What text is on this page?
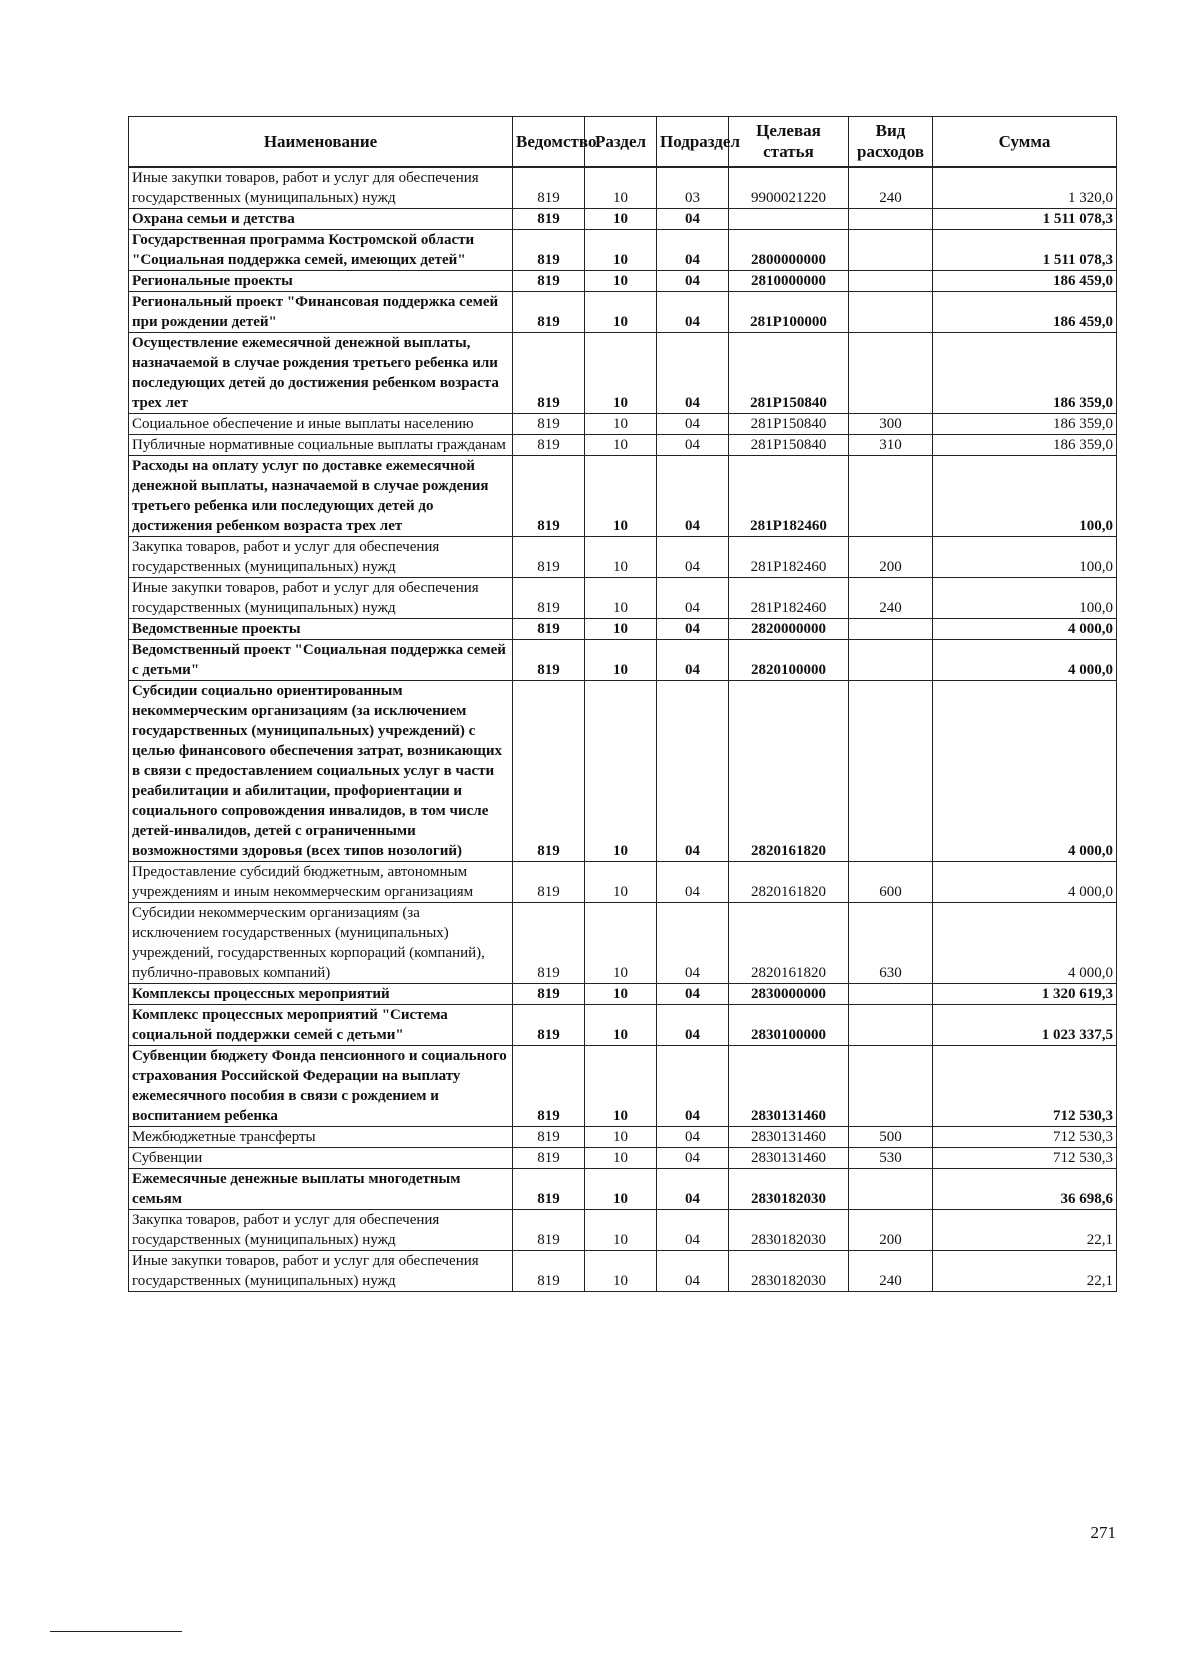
Наименование	Ведомство	Раздел	Подраздел	Целевая статья	Вид расходов	Сумма
Иные закупки товаров, работ и услуг для обеспечения государственных (муниципальных) нужд	819	10	03	9900021220	240	1 320,0
Охрана семьи и детства	819	10	04			1 511 078,3
Государственная программа Костромской области "Социальная поддержка семей, имеющих детей"	819	10	04	2800000000		1 511 078,3
Региональные проекты	819	10	04	2810000000		186 459,0
Региональный проект "Финансовая поддержка семей при рождении детей"	819	10	04	281Р100000		186 459,0
Осуществление ежемесячной денежной выплаты, назначаемой в случае рождения третьего ребенка или последующих детей до достижения ребенком возраста трех лет	819	10	04	281Р150840		186 359,0
Социальное обеспечение и иные выплаты населению	819	10	04	281Р150840	300	186 359,0
Публичные нормативные социальные выплаты гражданам	819	10	04	281Р150840	310	186 359,0
Расходы на оплату услуг по доставке ежемесячной денежной выплаты, назначаемой в случае рождения третьего ребенка или последующих детей до достижения ребенком возраста трех лет	819	10	04	281Р182460		100,0
Закупка товаров, работ и услуг для обеспечения государственных (муниципальных) нужд	819	10	04	281Р182460	200	100,0
Иные закупки товаров, работ и услуг для обеспечения государственных (муниципальных) нужд	819	10	04	281Р182460	240	100,0
Ведомственные проекты	819	10	04	2820000000		4 000,0
Ведомственный проект "Социальная поддержка семей с детьми"	819	10	04	2820100000		4 000,0
Субсидии социально ориентированным некоммерческим организациям (за исключением государственных (муниципальных) учреждений) с целью финансового обеспечения затрат, возникающих в связи с предоставлением социальных услуг в части реабилитации и абилитации, профориентации и социального сопровождения инвалидов, в том числе детей-инвалидов, детей с ограниченными возможностями здоровья (всех типов нозологий)	819	10	04	2820161820		4 000,0
Предоставление субсидий бюджетным, автономным учреждениям и иным некоммерческим организациям	819	10	04	2820161820	600	4 000,0
Субсидии некоммерческим организациям (за исключением государственных (муниципальных) учреждений, государственных корпораций (компаний), публично-правовых компаний)	819	10	04	2820161820	630	4 000,0
Комплексы процессных мероприятий	819	10	04	2830000000		1 320 619,3
Комплекс процессных мероприятий "Система социальной поддержки семей с детьми"	819	10	04	2830100000		1 023 337,5
Субвенции бюджету Фонда пенсионного и социального страхования Российской Федерации на выплату ежемесячного пособия в связи с рождением и воспитанием ребенка	819	10	04	2830131460		712 530,3
Межбюджетные трансферты	819	10	04	2830131460	500	712 530,3
Субвенции	819	10	04	2830131460	530	712 530,3
Ежемесячные денежные выплаты многодетным семьям	819	10	04	2830182030		36 698,6
Закупка товаров, работ и услуг для обеспечения государственных (муниципальных) нужд	819	10	04	2830182030	200	22,1
Иные закупки товаров, работ и услуг для обеспечения государственных (муниципальных) нужд	819	10	04	2830182030	240	22,1
271
